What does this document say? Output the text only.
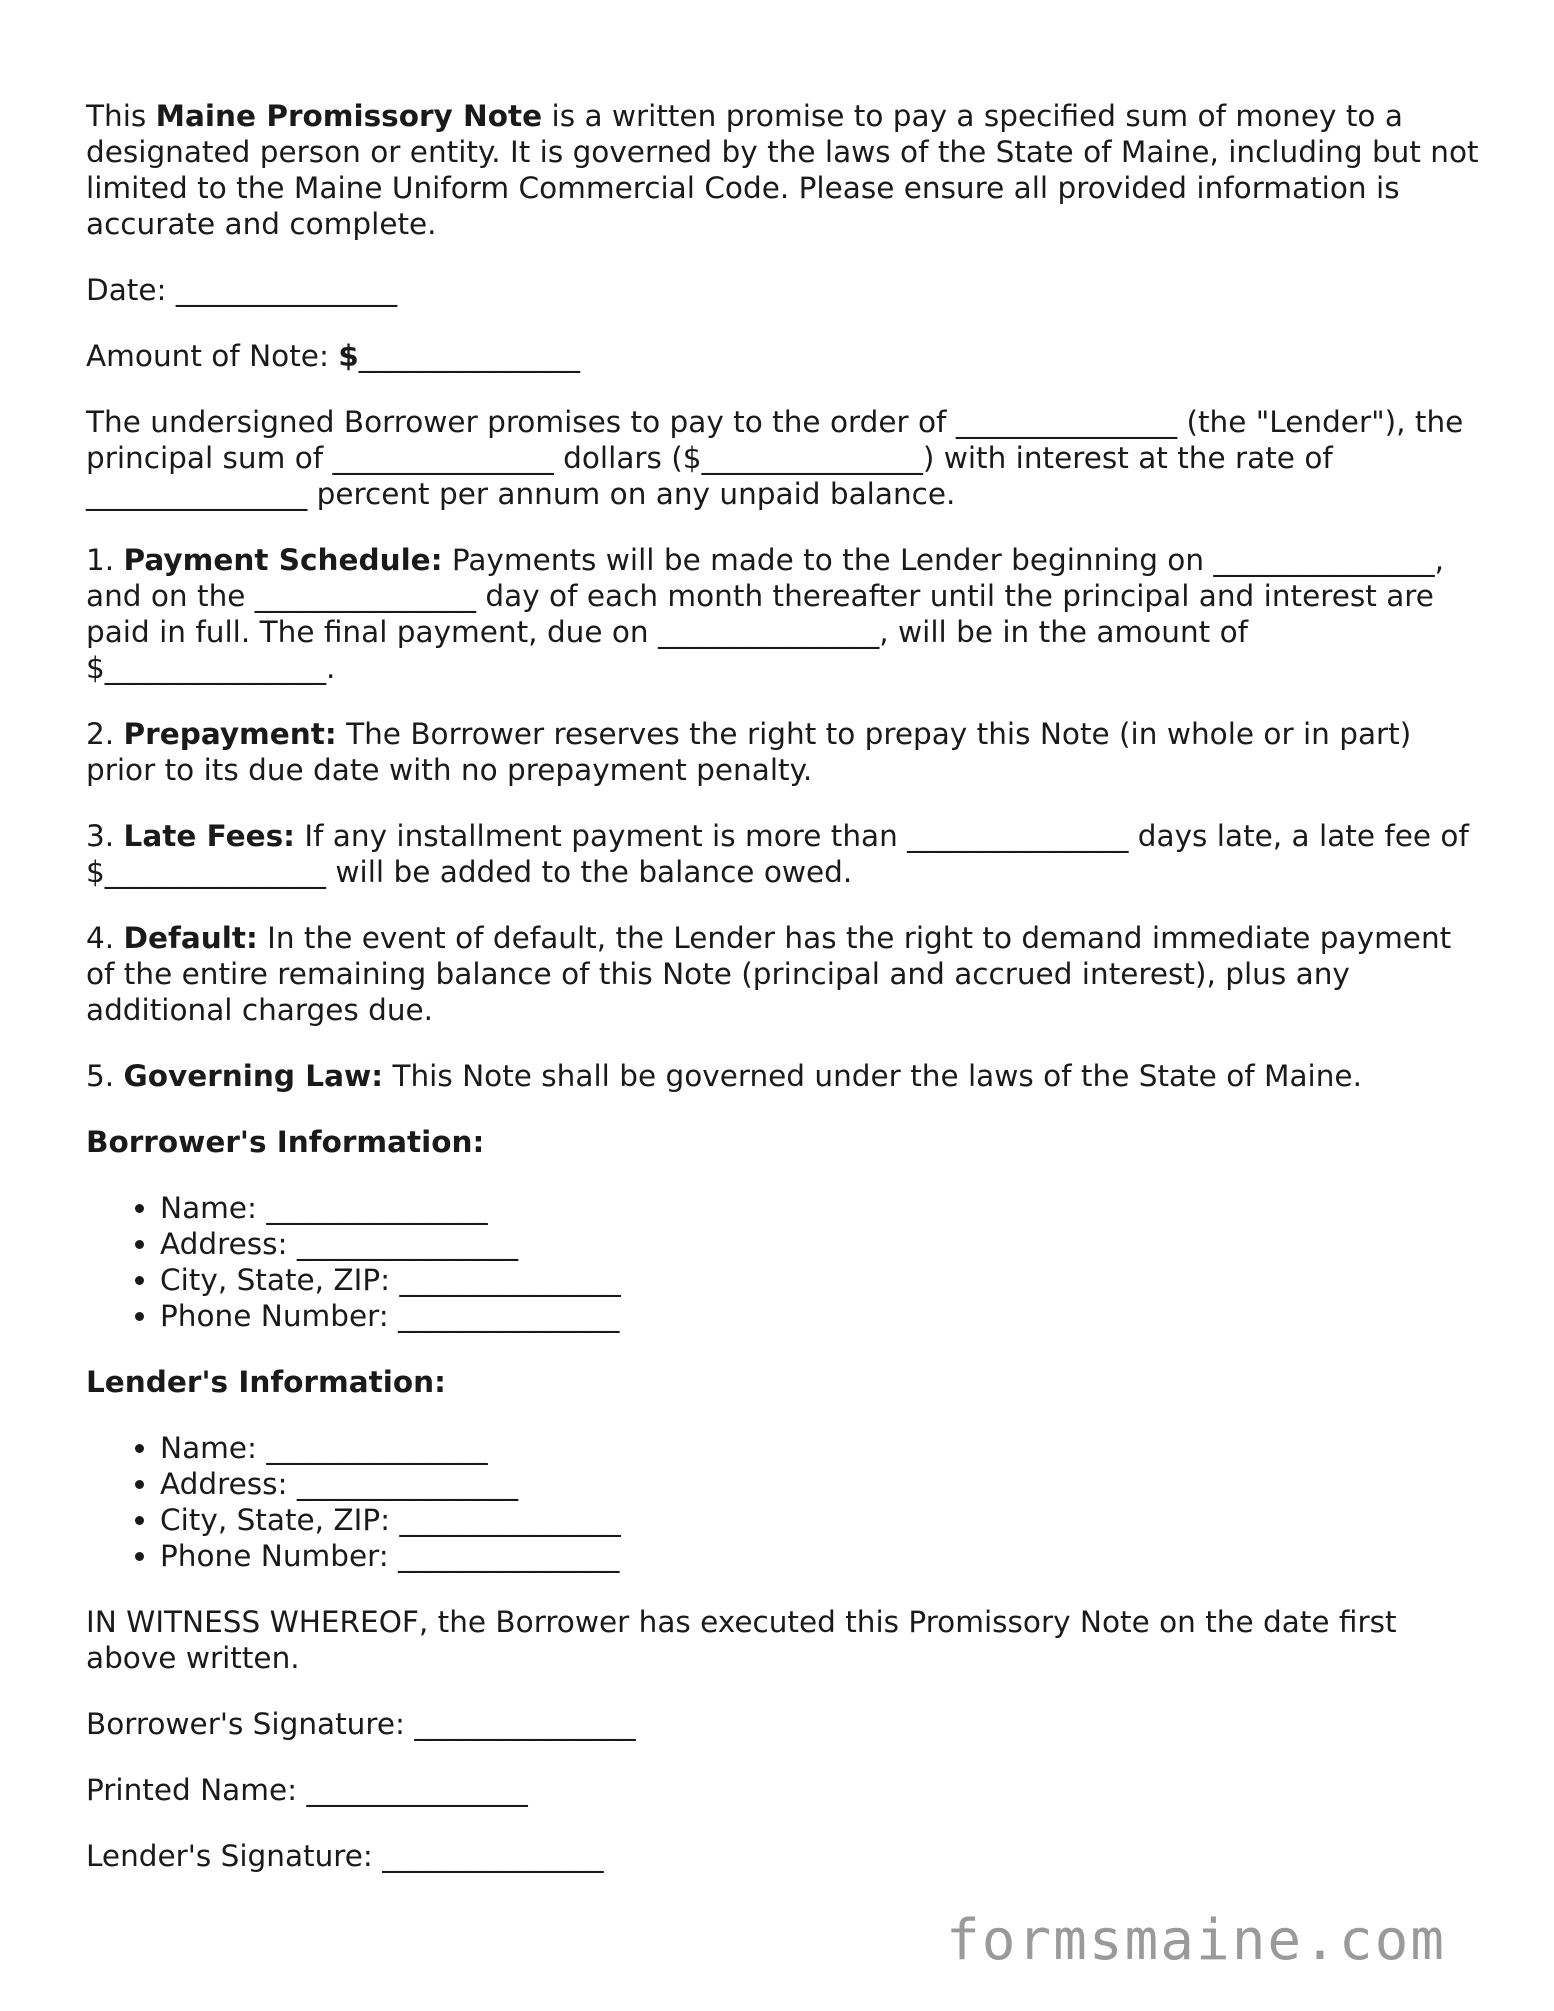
This Maine Promissory Note is a written promise to pay a specified sum of money to a designated person or entity. It is governed by the laws of the State of Maine, including but not limited to the Maine Uniform Commercial Code. Please ensure all provided information is accurate and complete.

Date: _______________

Amount of Note: $_______________

The undersigned Borrower promises to pay to the order of _______________ (the "Lender"), the principal sum of _______________ dollars ($_______________) with interest at the rate of _______________ percent per annum on any unpaid balance.

1. Payment Schedule: Payments will be made to the Lender beginning on _______________, and on the _______________ day of each month thereafter until the principal and interest are paid in full. The final payment, due on _______________, will be in the amount of $_______________.

2. Prepayment: The Borrower reserves the right to prepay this Note (in whole or in part) prior to its due date with no prepayment penalty.

3. Late Fees: If any installment payment is more than _______________ days late, a late fee of $_______________ will be added to the balance owed.

4. Default: In the event of default, the Lender has the right to demand immediate payment of the entire remaining balance of this Note (principal and accrued interest), plus any additional charges due.

5. Governing Law: This Note shall be governed under the laws of the State of Maine.

Borrower's Information:

• Name: _______________
• Address: _______________
• City, State, ZIP: _______________
• Phone Number: _______________

Lender's Information:

• Name: _______________
• Address: _______________
• City, State, ZIP: _______________
• Phone Number: _______________

IN WITNESS WHEREOF, the Borrower has executed this Promissory Note on the date first above written.

Borrower's Signature: _______________

Printed Name: _______________

Lender's Signature: _______________

formsmaine.com
